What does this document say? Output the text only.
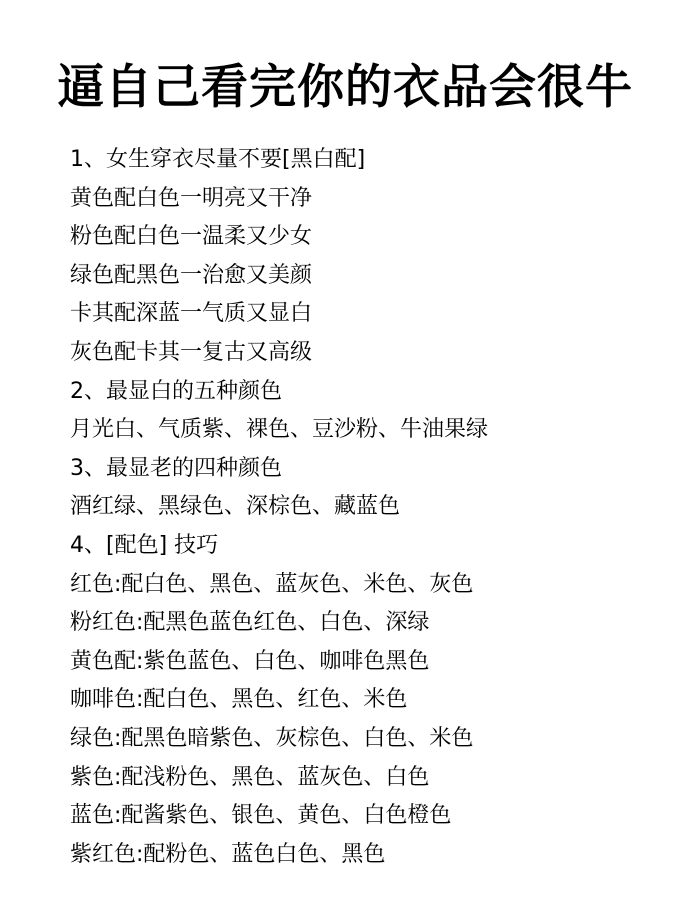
逼自己看完你的衣品会很牛
1、女生穿衣尽量不要[黑白配]
黄色配白色一明亮又干净
粉色配白色一温柔又少女
绿色配黑色一治愈又美颜
卡其配深蓝一气质又显白
灰色配卡其一复古又高级
2、最显白的五种颜色
月光白、气质紫、裸色、豆沙粉、牛油果绿
3、最显老的四种颜色
酒红绿、黑绿色、深棕色、藏蓝色
4、[配色] 技巧
红色:配白色、黑色、蓝灰色、米色、灰色
粉红色:配黑色蓝色红色、白色、深绿
黄色配:紫色蓝色、白色、咖啡色黑色
咖啡色:配白色、黑色、红色、米色
绿色:配黑色暗紫色、灰棕色、白色、米色
紫色:配浅粉色、黑色、蓝灰色、白色
蓝色:配酱紫色、银色、黄色、白色橙色
紫红色:配粉色、蓝色白色、黑色
